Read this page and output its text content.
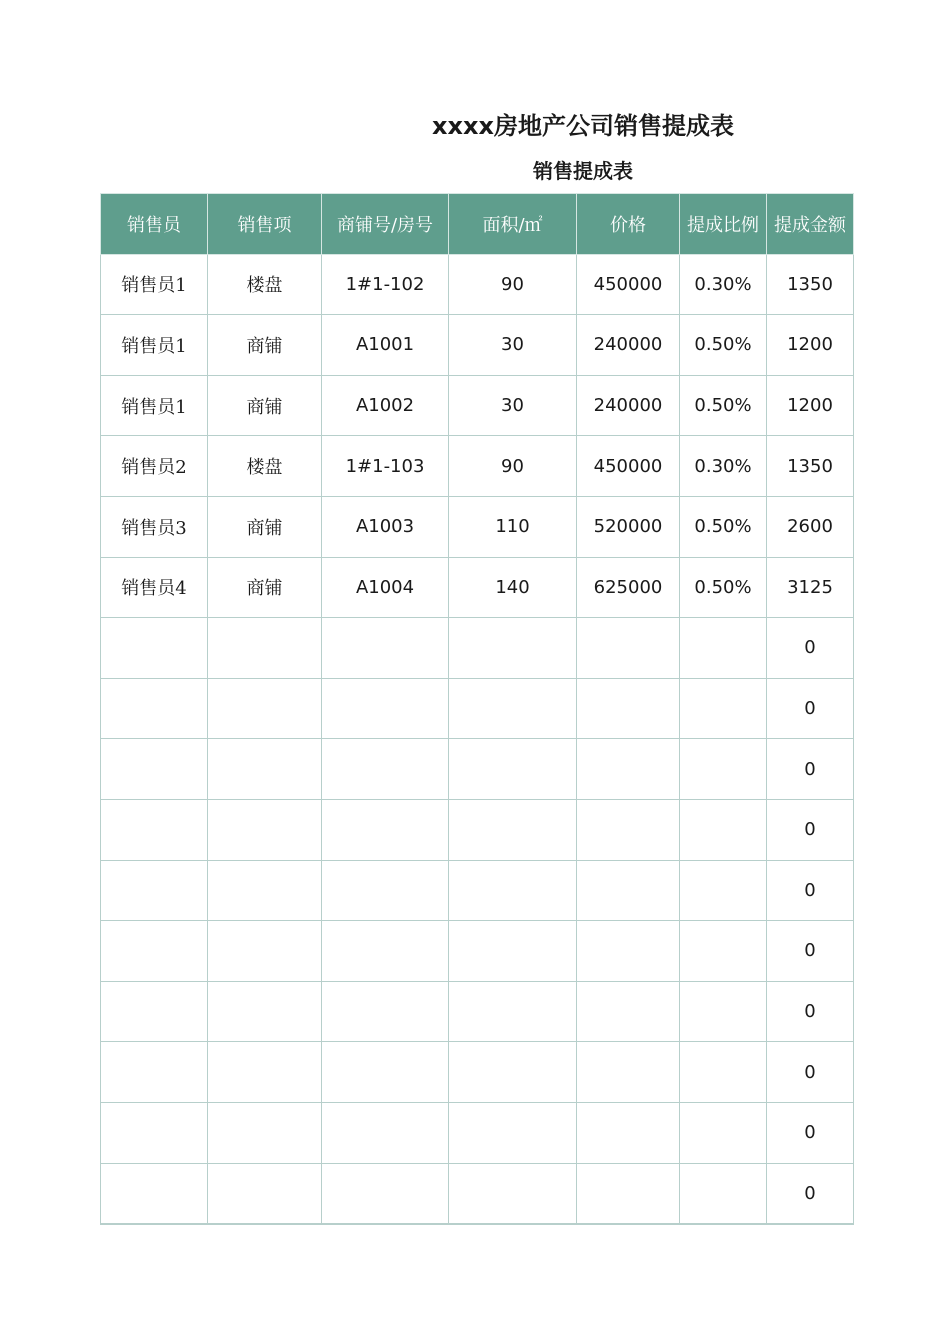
xxxx房地产公司销售提成表
销售提成表
销售员	销售项	商铺号/房号	面积/㎡	价格	提成比例	提成金额
销售员1	楼盘	1#1-102	90	450000	0.30%	1350
销售员1	商铺	A1001	30	240000	0.50%	1200
销售员1	商铺	A1002	30	240000	0.50%	1200
销售员2	楼盘	1#1-103	90	450000	0.30%	1350
销售员3	商铺	A1003	110	520000	0.50%	2600
销售员4	商铺	A1004	140	625000	0.50%	3125
						0
						0
						0
						0
						0
						0
						0
						0
						0
						0
